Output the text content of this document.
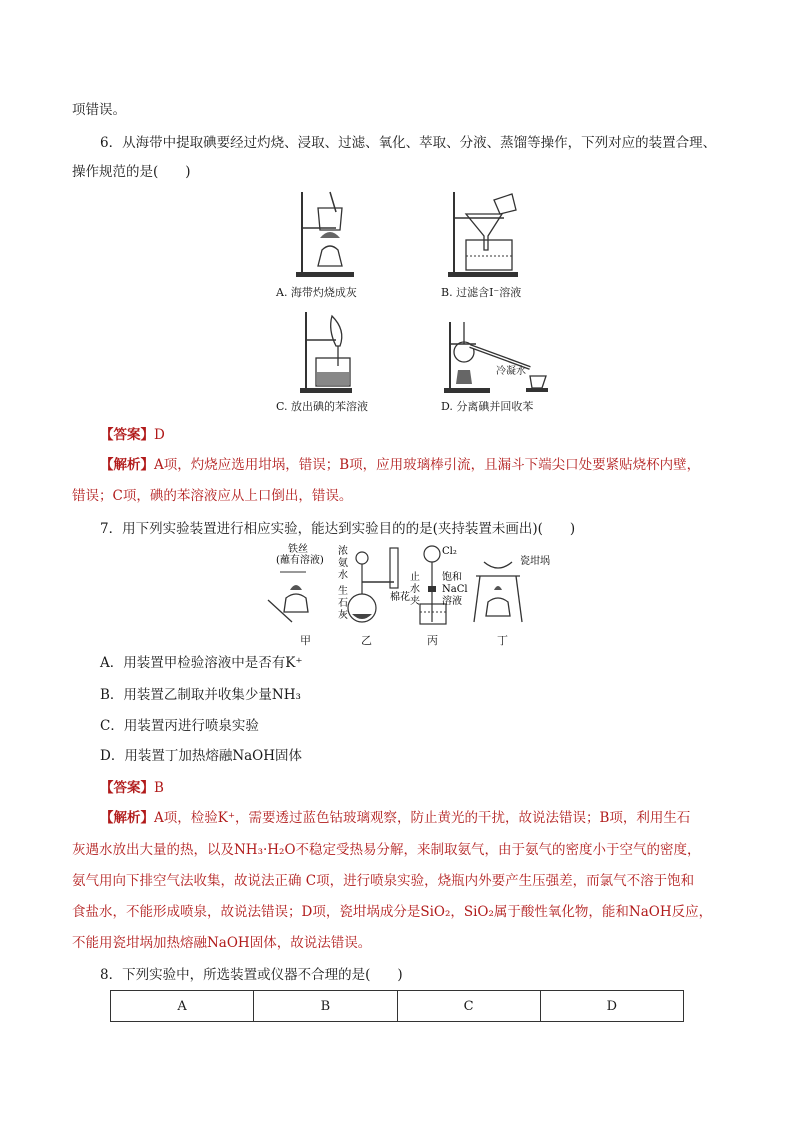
项错误。
6．从海带中提取碘要经过灼烧、浸取、过滤、氧化、萃取、分液、蒸馏等操作，下列对应的装置合理、
操作规范的是(　　)
A. 海带灼烧成灰	B. 过滤含I⁻溶液
C. 放出碘的苯溶液
冷凝水
D. 分离碘并回收苯
【答案】D
【解析】A项，灼烧应选用坩埚，错误；B项，应用玻璃棒引流，且漏斗下端尖口处要紧贴烧杯内壁，
错误；C项，碘的苯溶液应从上口倒出，错误。
7．用下列实验装置进行相应实验，能达到实验目的的是(夹持装置未画出)(　　)
铁丝
(蘸有溶液)
浓
氨
水
生
石
灰
棉花
Cl₂
止
水
夹
饱和
NaCl
溶液
瓷坩埚
甲	乙	丙	丁
A．用装置甲检验溶液中是否有K⁺
B．用装置乙制取并收集少量NH₃
C．用装置丙进行喷泉实验
D．用装置丁加热熔融NaOH固体
【答案】B
【解析】A项，检验K⁺，需要透过蓝色钴玻璃观察，防止黄光的干扰，故说法错误；B项，利用生石
灰遇水放出大量的热，以及NH₃·H₂O不稳定受热易分解，来制取氨气，由于氨气的密度小于空气的密度，
氨气用向下排空气法收集，故说法正确 C项，进行喷泉实验，烧瓶内外要产生压强差，而氯气不溶于饱和
食盐水，不能形成喷泉，故说法错误；D项，瓷坩埚成分是SiO₂，SiO₂属于酸性氧化物，能和NaOH反应，
不能用瓷坩埚加热熔融NaOH固体，故说法错误。
8．下列实验中，所选装置或仪器不合理的是(　　)
A	B	C	D
